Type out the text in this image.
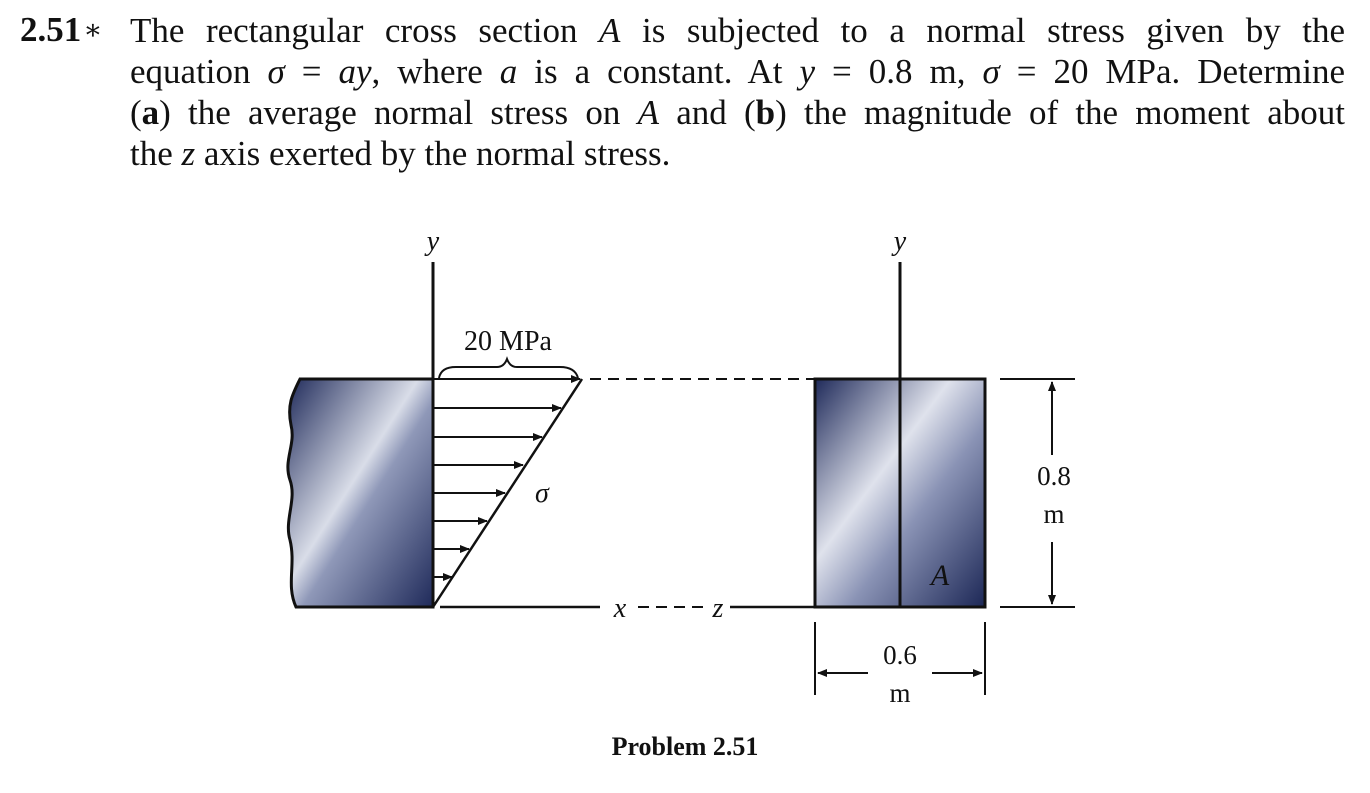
2.51∗ The rectangular cross section A is subjected to a normal stress given by the
equation σ = ay, where a is a constant. At y = 0.8 m, σ = 20 MPa. Determine
(a) the average normal stress on A and (b) the magnitude of the moment about
the z axis exerted by the normal stress.
y
20 MPa
σ
x	z
y
A
0.8
m
0.6
m
Problem 2.51
